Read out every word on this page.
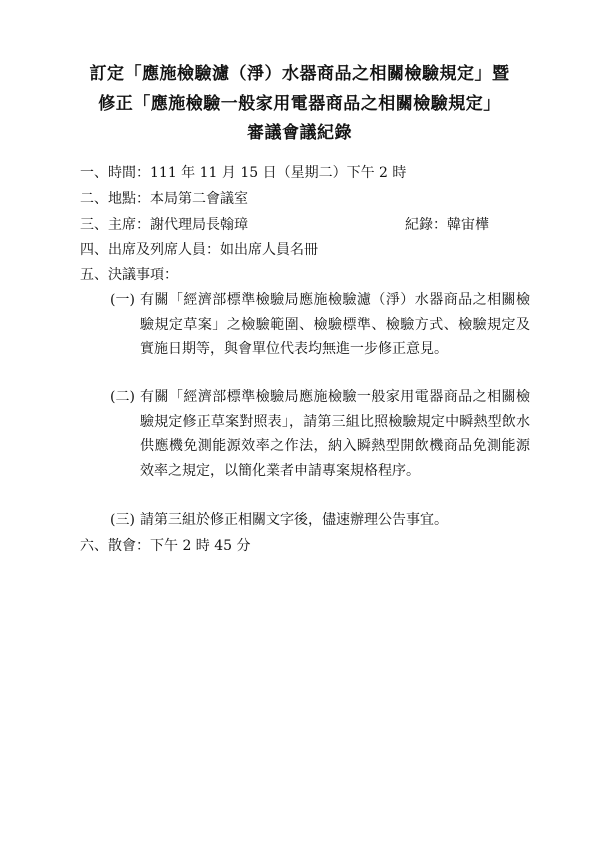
訂定「應施檢驗濾（淨）水器商品之相關檢驗規定」暨
修正「應施檢驗一般家用電器商品之相關檢驗規定」
審議會議紀錄
一、時間：111 年 11 月 15 日（星期二）下午 2 時
二、地點：本局第二會議室
三、主席：謝代理局長翰璋	紀錄：韓宙樺
四、出席及列席人員：如出席人員名冊
五、決議事項：
(一) 有關「經濟部標準檢驗局應施檢驗濾（淨）水器商品之相關檢驗規定草案」之檢驗範圍、檢驗標準、檢驗方式、檢驗規定及實施日期等，與會單位代表均無進一步修正意見。
(二) 有關「經濟部標準檢驗局應施檢驗一般家用電器商品之相關檢驗規定修正草案對照表」，請第三組比照檢驗規定中瞬熱型飲水供應機免測能源效率之作法，納入瞬熱型開飲機商品免測能源效率之規定，以簡化業者申請專案規格程序。
(三) 請第三組於修正相關文字後，儘速辦理公告事宜。
六、散會：下午 2 時 45 分
